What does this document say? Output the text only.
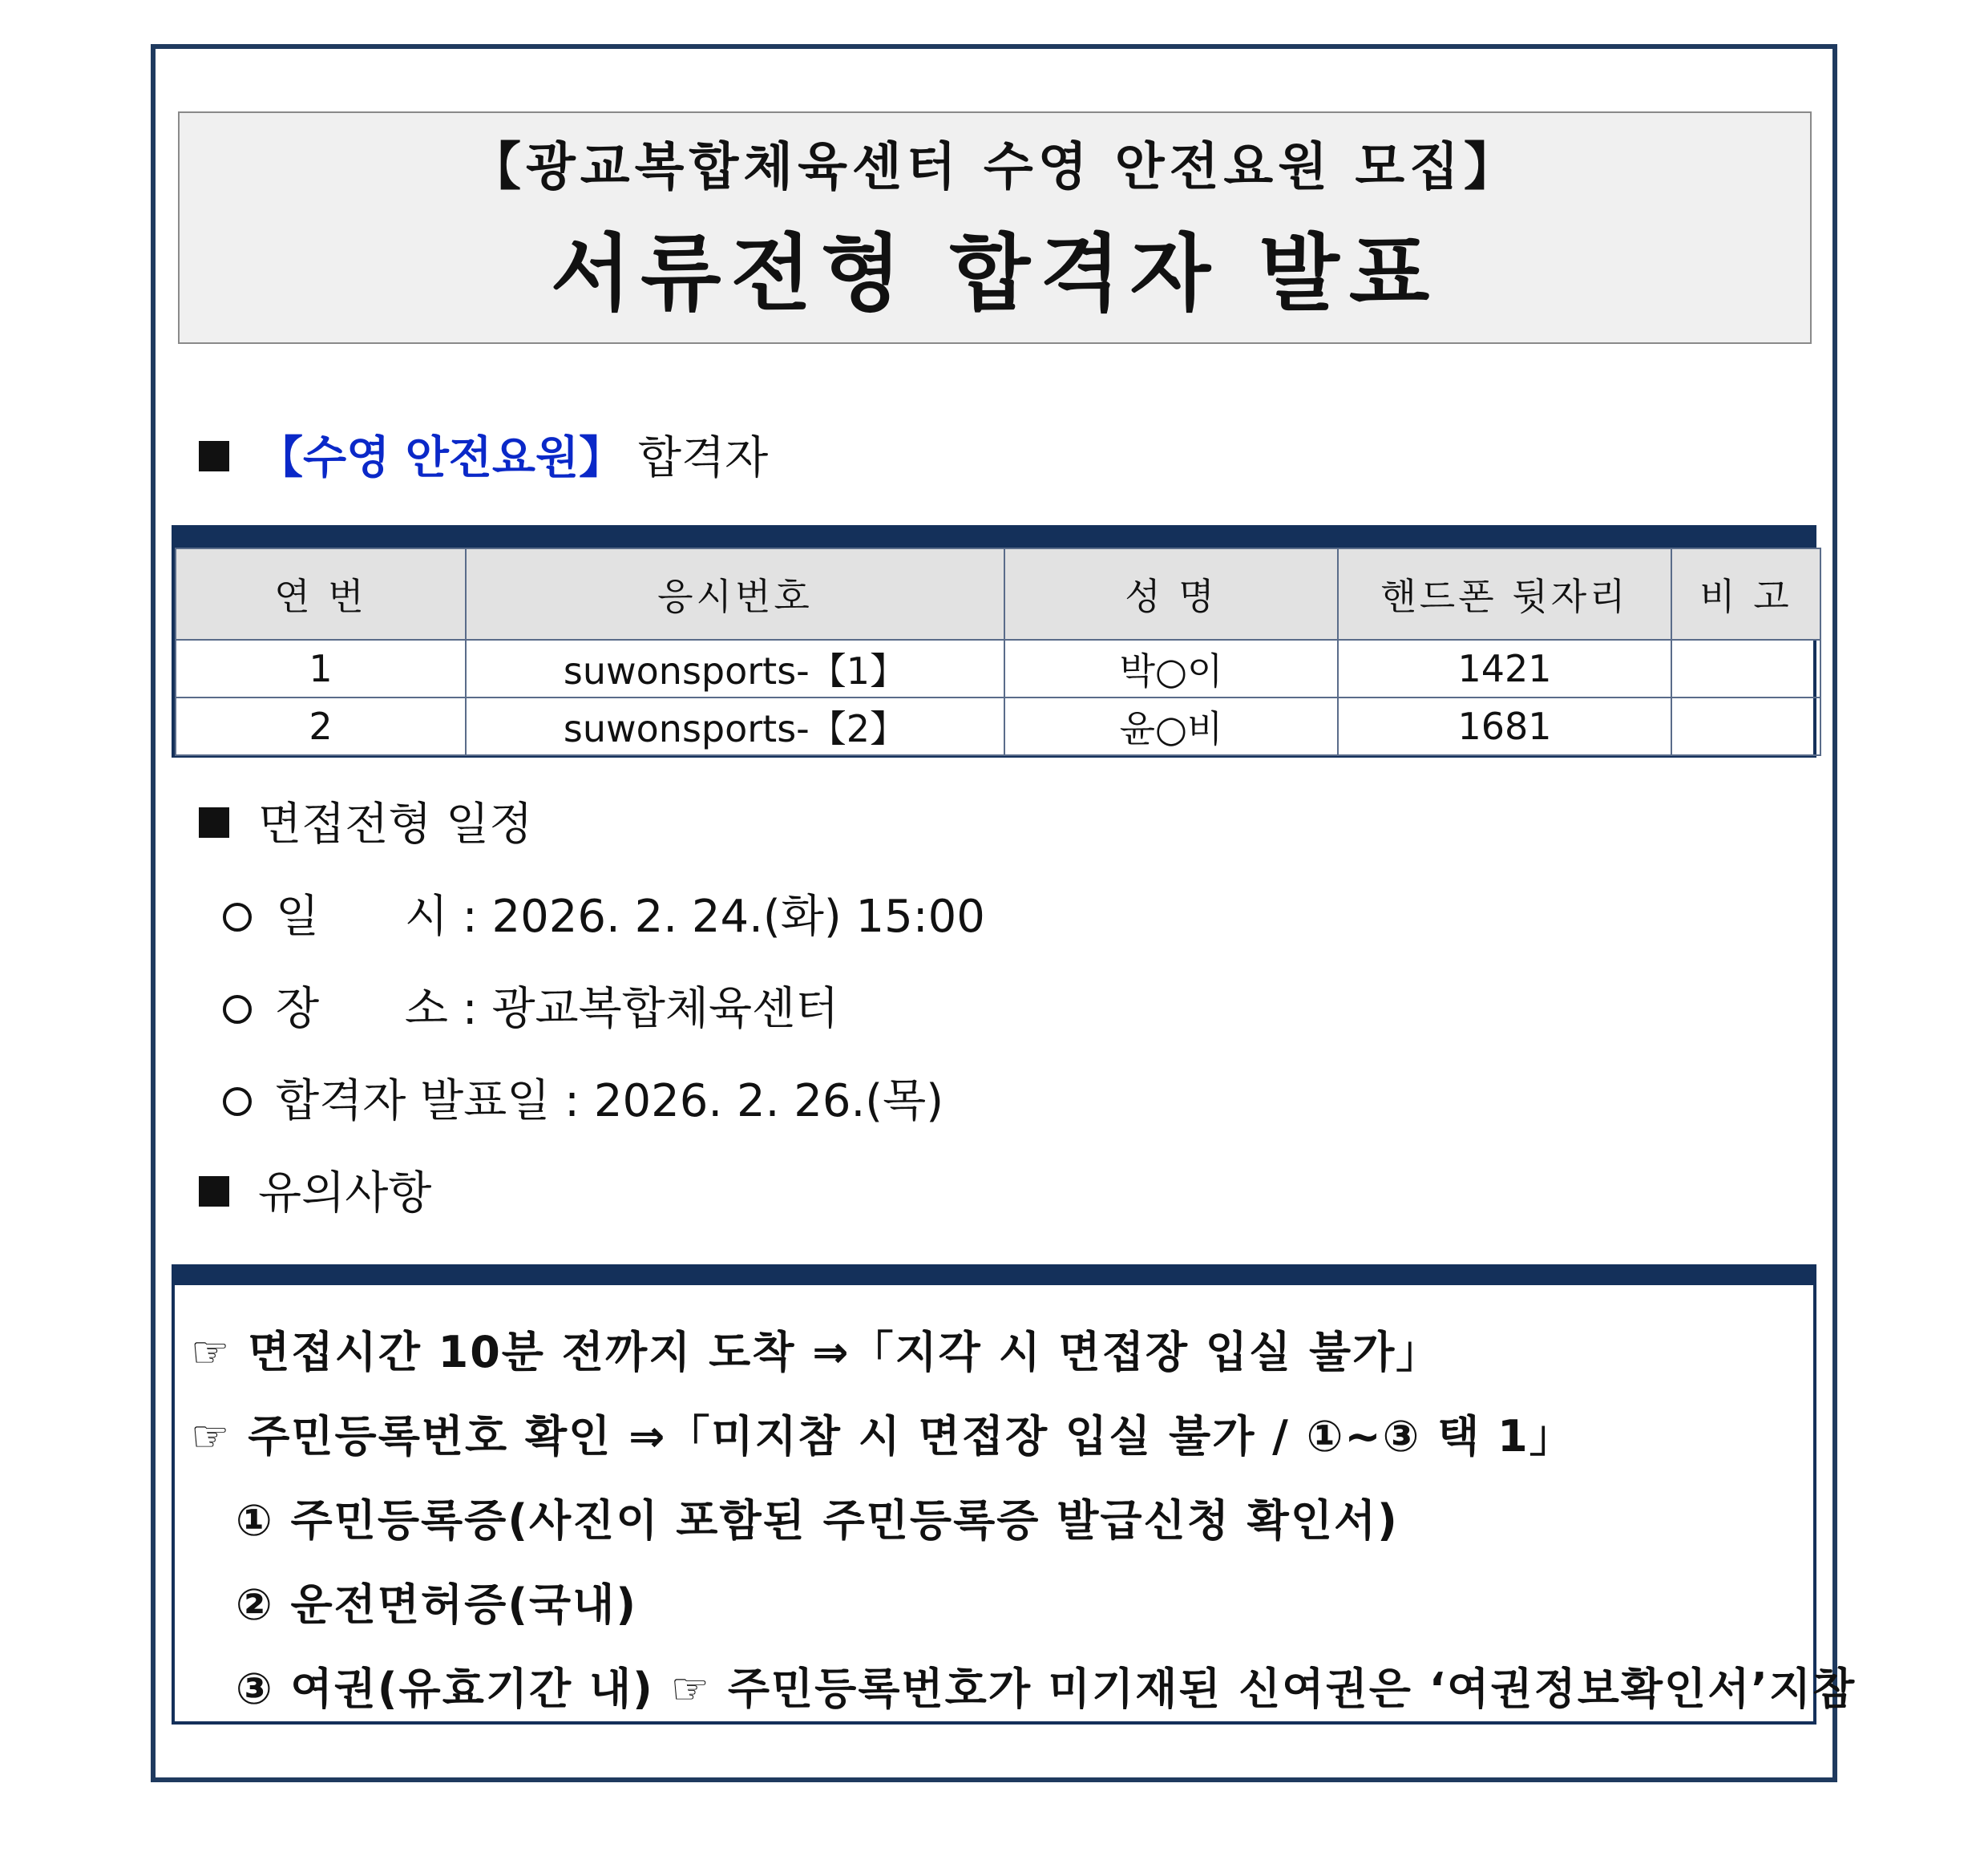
【광교복합체육센터 수영 안전요원 모집】
서류전형 합격자 발표
【수영 안전요원】 합격자
연 번	응시번호	성 명	핸드폰 뒷자리	비 고
1	suwonsports-【1】	박○이	1421	
2	suwonsports-【2】	윤○비	1681	
면접전형 일정
일      시 : 2026. 2. 24.(화) 15:00
장      소 : 광교복합체육센터
합격자 발표일 : 2026. 2. 26.(목)
유의사항
☞ 면접시간 10분 전까지 도착 ⇒「지각 시 면접장 입실 불가」
☞ 주민등록번호 확인 ⇒「미지참 시 면접장 입실 불가 / ①~③ 택 1」
① 주민등록증(사진이 포함된 주민등록증 발급신청 확인서)
② 운전면허증(국내)
③ 여권(유효기간 내) ☞ 주민등록번호가 미기재된 신여권은 ‘여권정보확인서’지참
